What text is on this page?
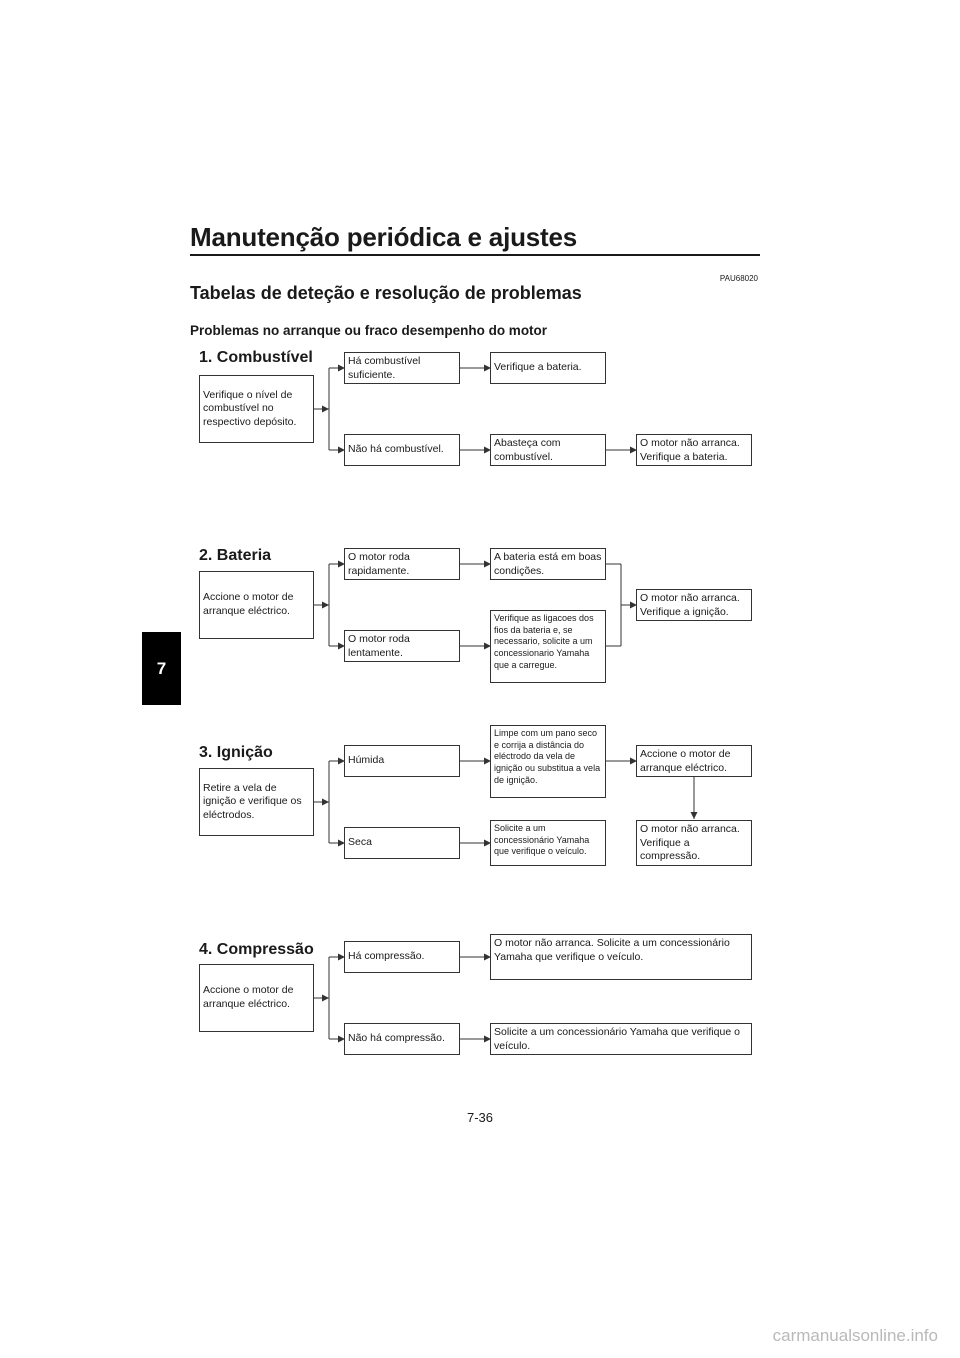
Manutenção periódica e ajustes
PAU68020
Tabelas de deteção e resolução de problemas
Problemas no arranque ou fraco desempenho do motor
7
1. Combustível
Verifique o nível de combustível no respectivo depósito.
Há combustível suficiente.
Verifique a bateria.
Não há combustível.
Abasteça com combustível.
O motor não arranca. Verifique a bateria.
2. Bateria
Accione o motor de arranque eléctrico.
O motor roda rapidamente.
A bateria está em boas condições.
O motor roda lentamente.
Verifique as ligacoes dos fios da bateria e, se necessario, solicite a um concessionario Yamaha que a carregue.
O motor não arranca. Verifique a ignição.
3. Ignição
Retire a vela de ignição e verifique os eléctrodos.
Húmida
Limpe com um pano seco e corrija a distância do eléctrodo da vela de ignição ou substitua a vela de ignição.
Accione o motor de arranque eléctrico.
Seca
Solicite a um concessionário Yamaha que verifique o veículo.
O motor não arranca. Verifique a compressão.
4. Compressão
Accione o motor de arranque eléctrico.
Há compressão.
O motor não arranca. Solicite a um concessionário Yamaha que verifique o veículo.
Não há compressão.
Solicite a um concessionário Yamaha que verifique o veículo.
7-36
carmanualsonline.info
